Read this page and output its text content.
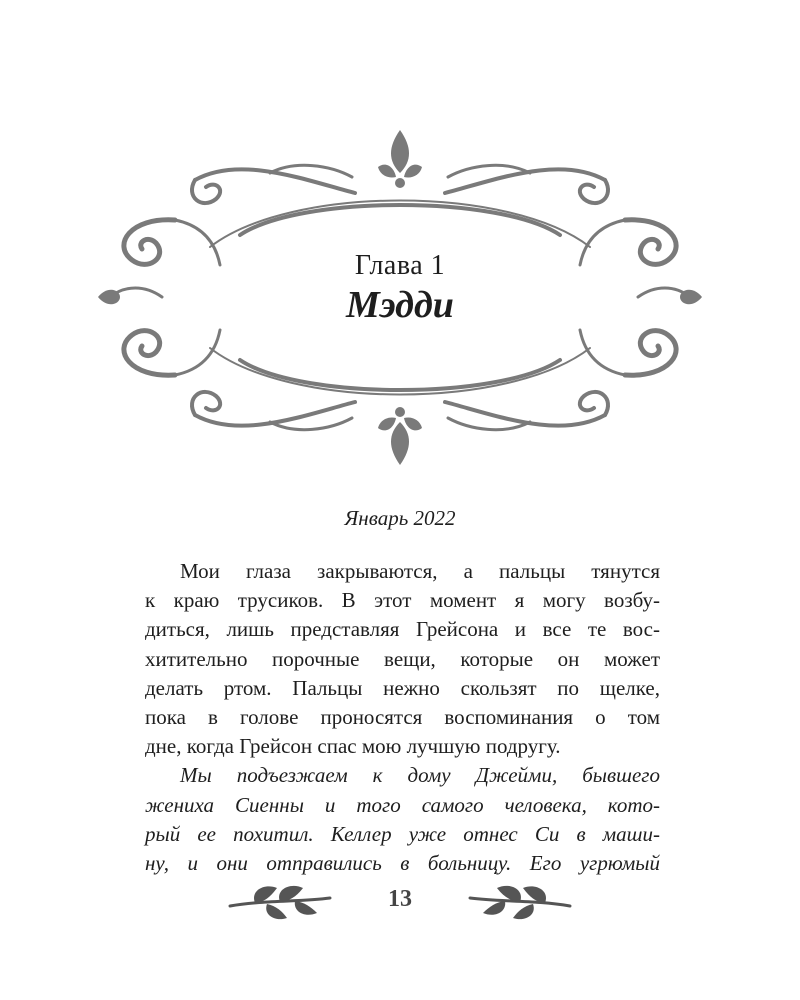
Глава 1
Мэдди
Январь 2022
Мои глаза закрываются, а пальцы тянутся
к краю трусиков. В этот момент я могу возбу-
диться, лишь представляя Грейсона и все те вос-
хитительно порочные вещи, которые он может
делать ртом. Пальцы нежно скользят по щелке,
пока в голове проносятся воспоминания о том
дне, когда Грейсон спас мою лучшую подругу.
Мы подъезжаем к дому Джейми, бывшего
жениха Сиенны и того самого человека, кото-
рый ее похитил. Келлер уже отнес Си в маши-
ну, и они отправились в больницу. Его угрюмый
13
